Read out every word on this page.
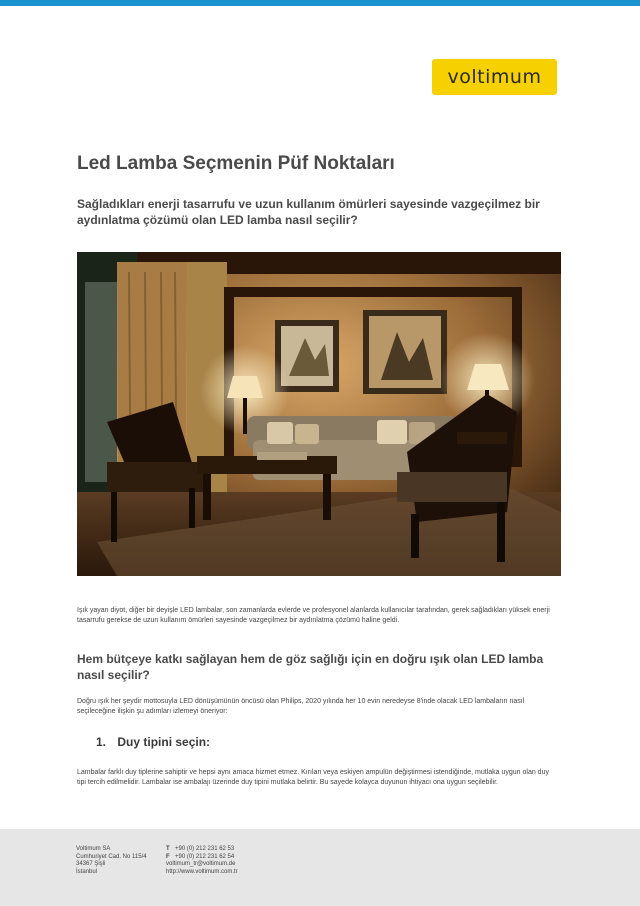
voltimum
Led Lamba Seçmenin Püf Noktaları

Sağladıkları enerji tasarrufu ve uzun kullanım ömürleri sayesinde vazgeçilmez bir aydınlatma çözümü olan LED lamba nasıl seçilir?

Işık yayan diyot, diğer bir deyişle LED lambalar, son zamanlarda evlerde ve profesyonel alanlarda kullanıcılar tarafından, gerek sağladıkları yüksek enerji tasarrufu gerekse de uzun kullanım ömürleri sayesinde vazgeçilmez bir aydınlatma çözümü haline geldi.

Hem bütçeye katkı sağlayan hem de göz sağlığı için en doğru ışık olan LED lamba nasıl seçilir?

Doğru ışık her şeydir mottosuyla LED dönüşümünün öncüsü olan Philips, 2020 yılında her 10 evin neredeyse 8'inde olacak LED lambaların nasıl seçileceğine ilişkin şu adımları izlemeyi öneriyor:

1. Duy tipini seçin:

Lambalar farklı duy tiplerine sahiptir ve hepsi aynı amaca hizmet etmez. Kırılan veya eskiyen ampulün değiştirmesi istendiğinde, mutlaka uygun olan duy tipi tercih edilmelidir. Lambalar ise ambalajı üzerinde duy tipini mutlaka belirtir. Bu sayede kolayca duyunun ihtiyacı ona uygun seçilebilir.

Voltimum SA
Cumhuriyet Cad. No 115/4
34367 Şişli
İstanbul
T +90 (0) 212 231 62 53
F +90 (0) 212 231 62 54
voltimum_tr@voltimum.de
http://www.voltimum.com.tr
